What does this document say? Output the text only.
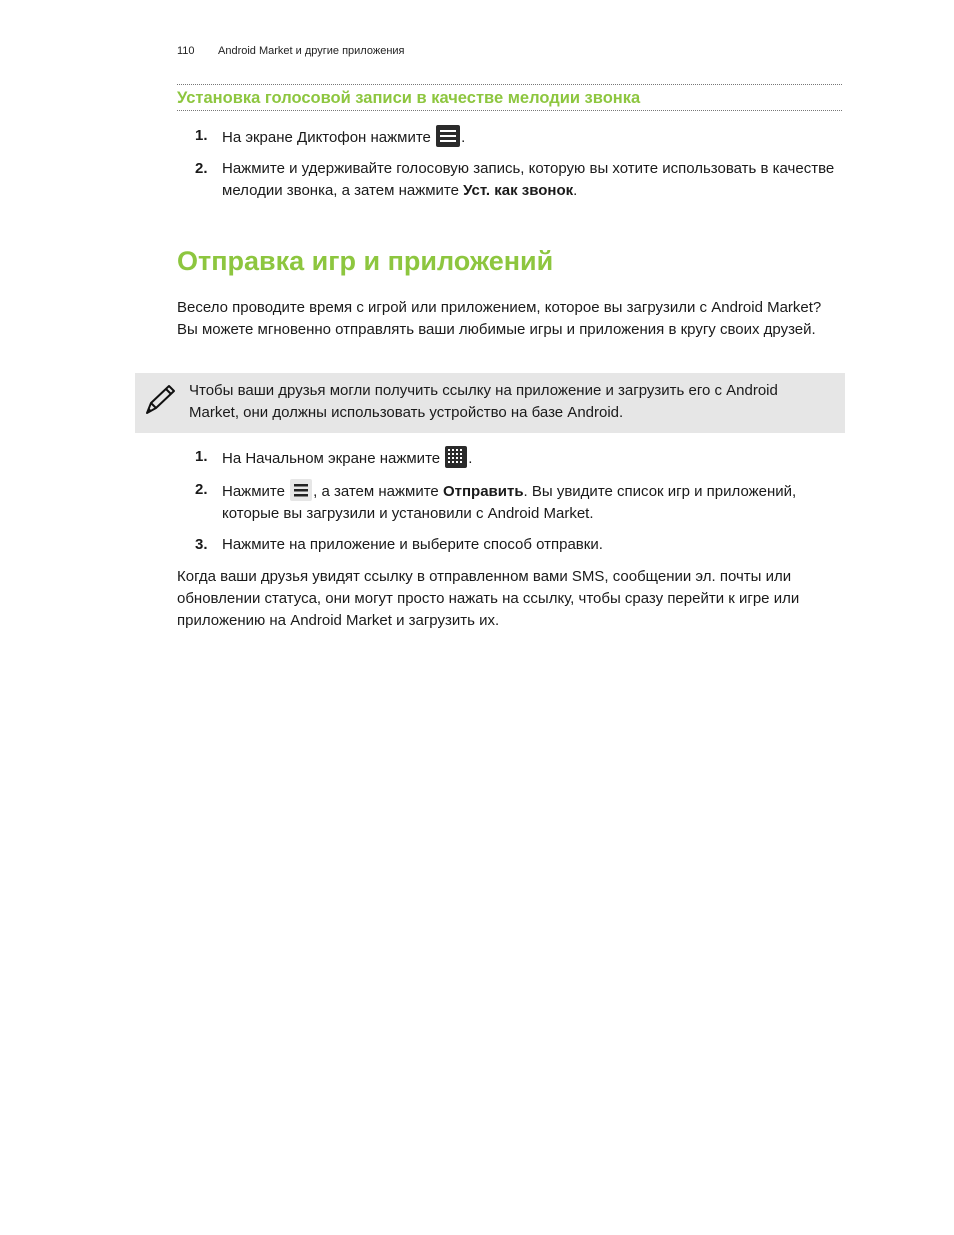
110 Android Market и другие приложения
Установка голосовой записи в качестве мелодии звонка
1. На экране Диктофон нажмите .
2. Нажмите и удерживайте голосовую запись, которую вы хотите использовать в качестве мелодии звонка, а затем нажмите Уст. как звонок.
Отправка игр и приложений

Весело проводите время с игрой или приложением, которое вы загрузили с Android Market? Вы можете мгновенно отправлять ваши любимые игры и приложения в кругу своих друзей.

Чтобы ваши друзья могли получить ссылку на приложение и загрузить его с Android Market, они должны использовать устройство на базе Android.
1. На Начальном экране нажмите .
2. Нажмите , а затем нажмите Отправить. Вы увидите список игр и приложений, которые вы загрузили и установили с Android Market.
3. Нажмите на приложение и выберите способ отправки.

Когда ваши друзья увидят ссылку в отправленном вами SMS, сообщении эл. почты или обновлении статуса, они могут просто нажать на ссылку, чтобы сразу перейти к игре или приложению на Android Market и загрузить их.
